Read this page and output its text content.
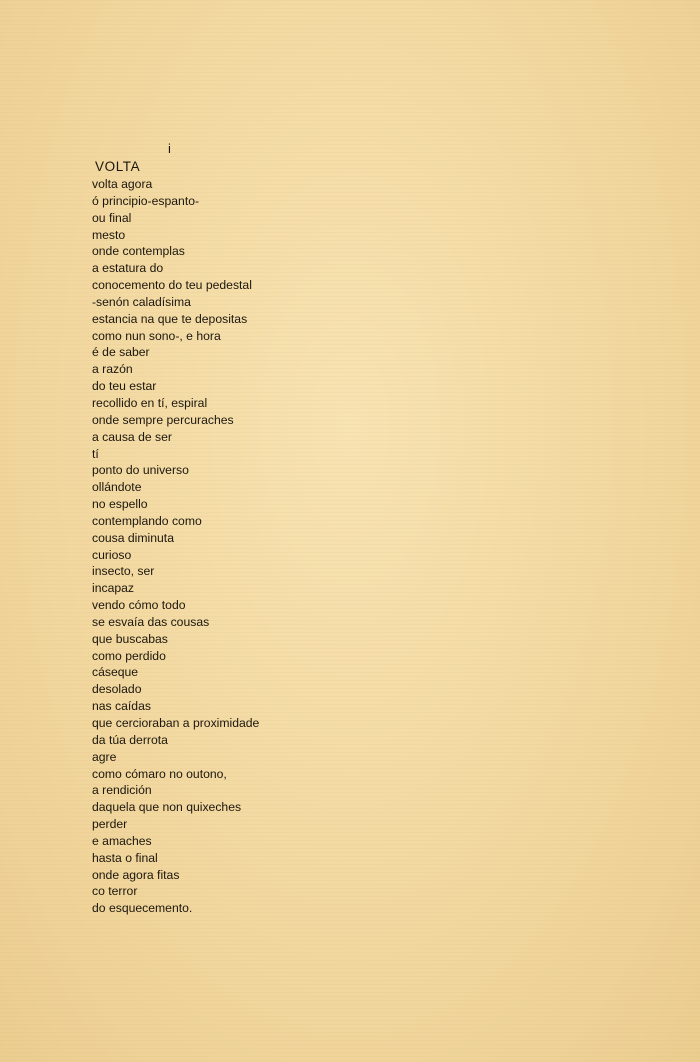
i
VOLTA
volta agora
ó principio-espanto-
ou final
mesto
onde contemplas
a estatura do
conocemento do teu pedestal
-senón caladísima
estancia na que te depositas
como nun sono-, e hora
é de saber
a razón
do teu estar
recollido en tí, espiral
onde sempre percuraches
a causa de ser
tí
ponto do universo
ollándote
no espello
contemplando como
cousa diminuta
curioso
insecto, ser
incapaz
vendo cómo todo
se esvaía das cousas
que buscabas
como perdido
cáseque
desolado
nas caídas
que cercioraban a proximidade
da túa derrota
agre
como cómaro no outono,
a rendición
daquela que non quixeches
perder
e amaches
hasta o final
onde agora fitas
co terror
do esquecemento.
